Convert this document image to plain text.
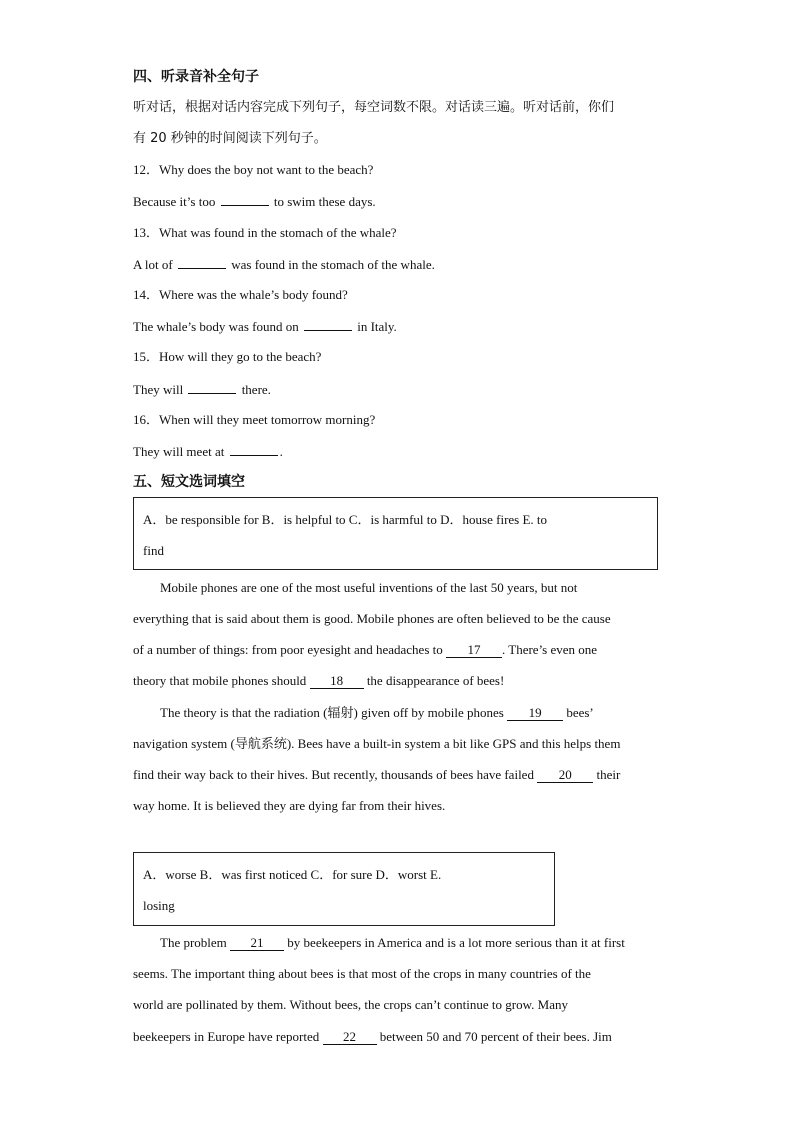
四、听录音补全句子
听对话，根据对话内容完成下列句子，每空词数不限。对话读三遍。听对话前，你们
有 20 秒钟的时间阅读下列句子。
12．Why does the boy not want to the beach?
Because it’s too	to swim these days.
13．What was found in the stomach of the whale?
A lot of	was found in the stomach of the whale.
14．Where was the whale’s body found?
The whale’s body was found on	in Italy.
15．How will they go to the beach?
They will	there.
16．When will they meet tomorrow morning?
They will meet at	.
五、短文选词填空
A．be responsible for B．is helpful to C．is harmful to D．house fires E. to
find
Mobile phones are one of the most useful inventions of the last 50 years, but not
everything that is said about them is good. Mobile phones are often believed to be the cause
of a number of things: from poor eyesight and headaches to 17 . There’s even one
theory that mobile phones should 18 the disappearance of bees!
The theory is that the radiation (辐射) given off by mobile phones 19 bees’
navigation system (导航系统). Bees have a built-in system a bit like GPS and this helps them
find their way back to their hives. But recently, thousands of bees have failed 20 their
way home. It is believed they are dying far from their hives.
A．worse B．was first noticed C．for sure D．worst E.
losing
The problem 21 by beekeepers in America and is a lot more serious than it at first
seems. The important thing about bees is that most of the crops in many countries of the
world are pollinated by them. Without bees, the crops can’t continue to grow. Many
beekeepers in Europe have reported 22 between 50 and 70 percent of their bees. Jim
